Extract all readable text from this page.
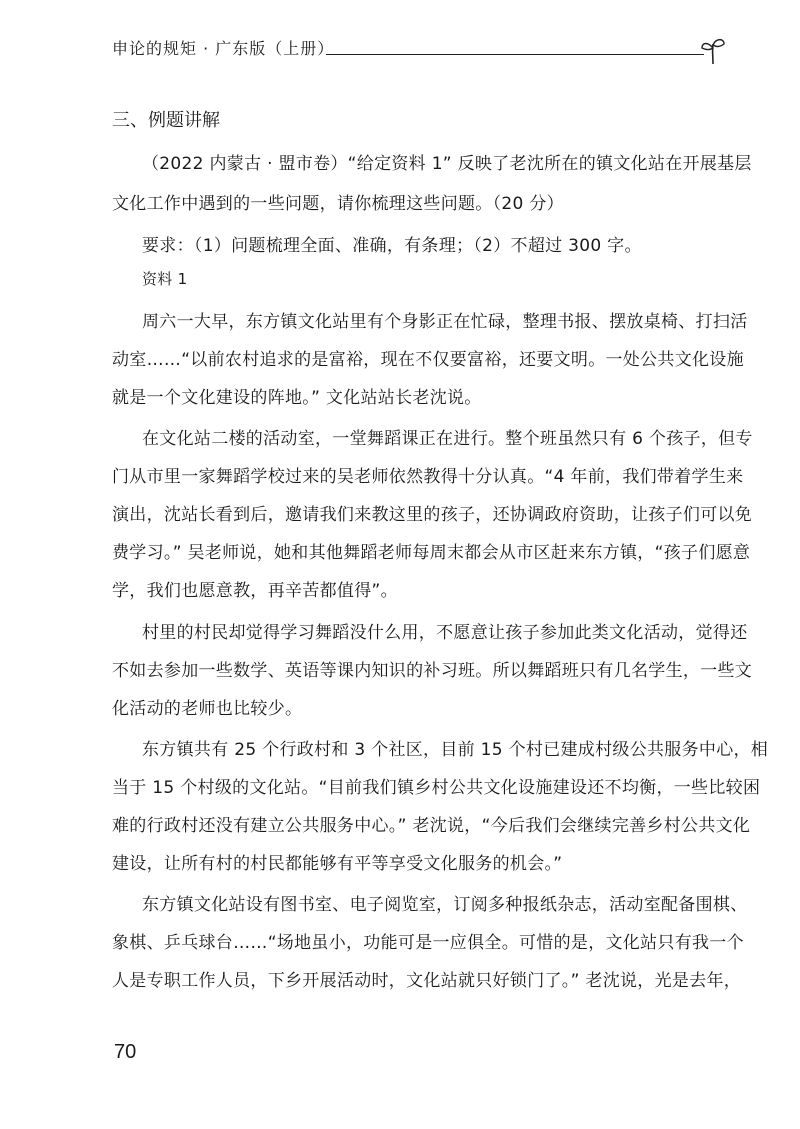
申论的规矩 · 广东版（上册）
三、例题讲解
（2022 内蒙古 · 盟市卷）“给定资料 1” 反映了老沈所在的镇文化站在开展基层
文化工作中遇到的一些问题，请你梳理这些问题。（20 分）
要求：（1）问题梳理全面、准确，有条理；（2）不超过 300 字。
资料 1
周六一大早，东方镇文化站里有个身影正在忙碌，整理书报、摆放桌椅、打扫活
动室……“以前农村追求的是富裕，现在不仅要富裕，还要文明。一处公共文化设施
就是一个文化建设的阵地。” 文化站站长老沈说。
在文化站二楼的活动室，一堂舞蹈课正在进行。整个班虽然只有 6 个孩子，但专
门从市里一家舞蹈学校过来的吴老师依然教得十分认真。“4 年前，我们带着学生来
演出，沈站长看到后，邀请我们来教这里的孩子，还协调政府资助，让孩子们可以免
费学习。” 吴老师说，她和其他舞蹈老师每周末都会从市区赶来东方镇，“孩子们愿意
学，我们也愿意教，再辛苦都值得”。
村里的村民却觉得学习舞蹈没什么用，不愿意让孩子参加此类文化活动，觉得还
不如去参加一些数学、英语等课内知识的补习班。所以舞蹈班只有几名学生，一些文
化活动的老师也比较少。
东方镇共有 25 个行政村和 3 个社区，目前 15 个村已建成村级公共服务中心，相
当于 15 个村级的文化站。“目前我们镇乡村公共文化设施建设还不均衡，一些比较困
难的行政村还没有建立公共服务中心。” 老沈说，“今后我们会继续完善乡村公共文化
建设，让所有村的村民都能够有平等享受文化服务的机会。”
东方镇文化站设有图书室、电子阅览室，订阅多种报纸杂志，活动室配备围棋、
象棋、乒乓球台……“场地虽小，功能可是一应俱全。可惜的是，文化站只有我一个
人是专职工作人员，下乡开展活动时，文化站就只好锁门了。” 老沈说，光是去年，
70
